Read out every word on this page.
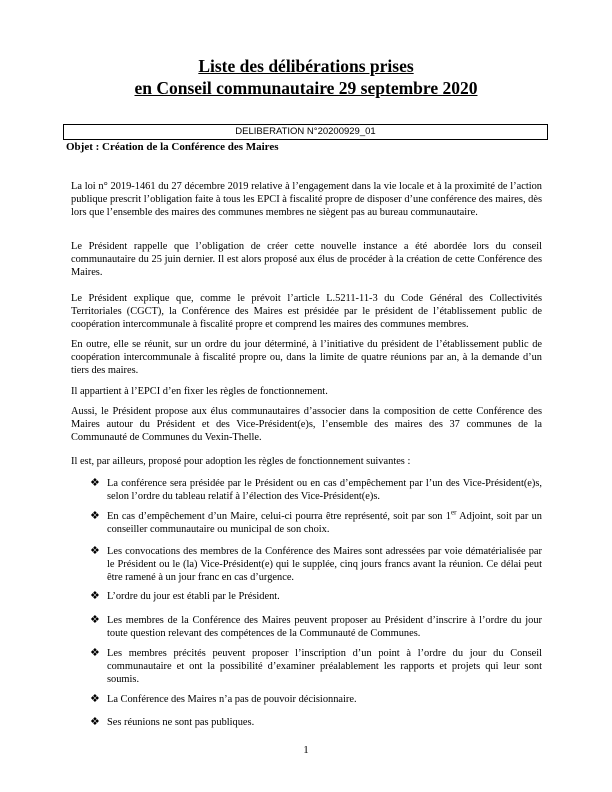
Liste des délibérations prises
en Conseil communautaire 29 septembre 2020
DELIBERATION N°20200929_01
Objet : Création de la Conférence des Maires

La loi n° 2019-1461 du 27 décembre 2019 relative à l’engagement dans la vie locale et à la proximité de l’action publique prescrit l’obligation faite à tous les EPCI à fiscalité propre de disposer d’une conférence des maires, dès lors que l’ensemble des maires des communes membres ne siègent pas au bureau communautaire.

Le Président rappelle que l’obligation de créer cette nouvelle instance a été abordée lors du conseil communautaire du 25 juin dernier. Il est alors proposé aux élus de procéder à la création de cette Conférence des Maires.

Le Président explique que, comme le prévoit l’article L.5211-11-3 du Code Général des Collectivités Territoriales (CGCT), la Conférence des Maires est présidée par le président de l’établissement public de coopération intercommunale à fiscalité propre et comprend les maires des communes membres.

En outre, elle se réunit, sur un ordre du jour déterminé, à l’initiative du président de l’établissement public de coopération intercommunale à fiscalité propre ou, dans la limite de quatre réunions par an, à la demande d’un tiers des maires.

Il appartient à l’EPCI d’en fixer les règles de fonctionnement.

Aussi, le Président propose aux élus communautaires d’associer dans la composition de cette Conférence des Maires autour du Président et des Vice-Président(e)s, l’ensemble des maires des 37 communes de la Communauté de Communes du Vexin-Thelle.

Il est, par ailleurs, proposé pour adoption les règles de fonctionnement suivantes :

❖ La conférence sera présidée par le Président ou en cas d’empêchement par l’un des Vice-Président(e)s, selon l’ordre du tableau relatif à l’élection des Vice-Président(e)s.

❖ En cas d’empêchement d’un Maire, celui-ci pourra être représenté, soit par son 1er Adjoint, soit par un conseiller communautaire ou municipal de son choix.

❖ Les convocations des membres de la Conférence des Maires sont adressées par voie dématérialisée par le Président ou le (la) Vice-Président(e) qui le supplée, cinq jours francs avant la réunion. Ce délai peut être ramené à un jour franc en cas d’urgence.

❖ L’ordre du jour est établi par le Président.

❖ Les membres de la Conférence des Maires peuvent proposer au Président d’inscrire à l’ordre du jour toute question relevant des compétences de la Communauté de Communes.

❖ Les membres précités peuvent proposer l’inscription d’un point à l’ordre du jour du Conseil communautaire et ont la possibilité d’examiner préalablement les rapports et projets qui leur sont soumis.

❖ La Conférence des Maires n’a pas de pouvoir décisionnaire.

❖ Ses réunions ne sont pas publiques.

1
